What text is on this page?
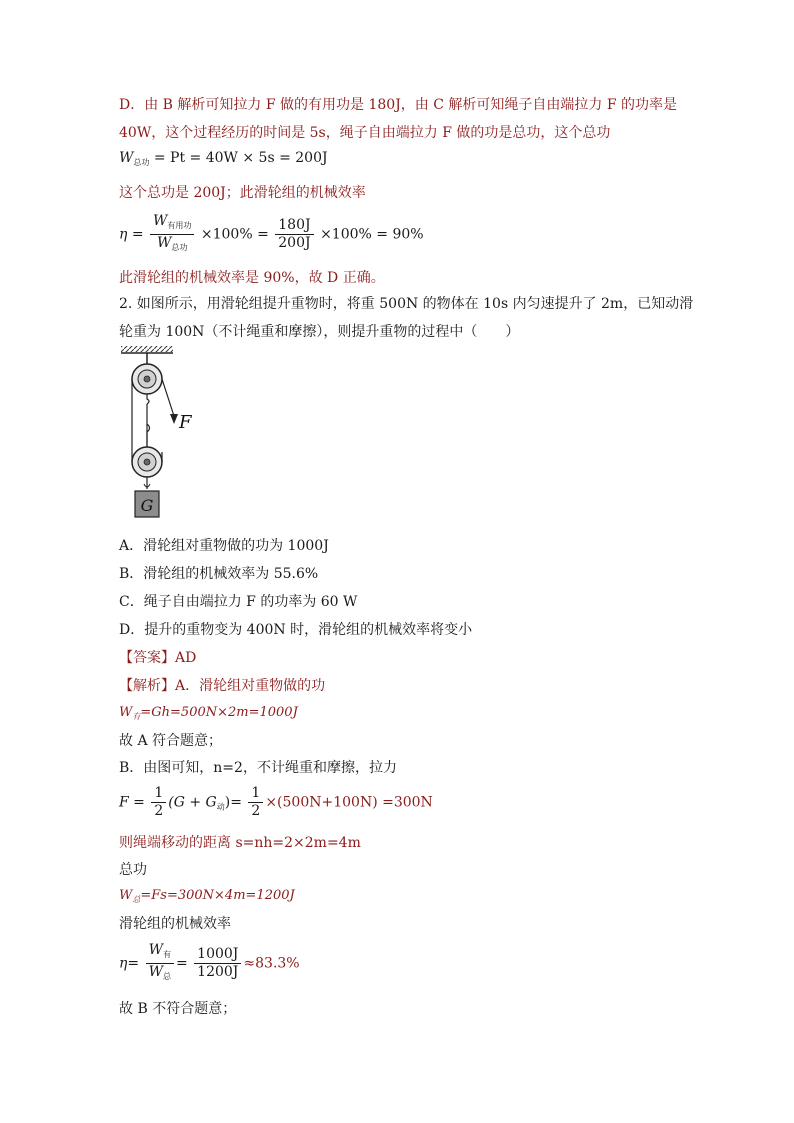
D．由 B 解析可知拉力 F 做的有用功是 180J，由 C 解析可知绳子自由端拉力 F 的功率是
40W，这个过程经历的时间是 5s，绳子自由端拉力 F 做的功是总功，这个总功
$W_{总功} = Pt = 40W \times 5s = 200J$
这个总功是 200J；此滑轮组的机械效率
$\eta = \frac{W_{有用功}}{W_{总功}} \times 100\% = \frac{180J}{200J} \times 100\% = 90\%$
此滑轮组的机械效率是 90%，故 D 正确。
2. 如图所示，用滑轮组提升重物时，将重 500N 的物体在 10s 内匀速提升了 2m，已知动滑
轮重为 100N（不计绳重和摩擦），则提升重物的过程中（　　）
G
F
A．滑轮组对重物做的功为 1000J
B．滑轮组的机械效率为 55.6%
C．绳子自由端拉力 F 的功率为 60 W
D．提升的重物变为 400N 时，滑轮组的机械效率将变小
【答案】AD
【解析】A．滑轮组对重物做的功
$W_有=Gh=500N\times 2m=1000J$
故 A 符合题意；
B．由图可知，n=2，不计绳重和摩擦，拉力
$F = \frac{1}{2} (G + G_动)= \frac{1}{2} \times(500N+100N) =300N$
则绳端移动的距离 s=nh=2×2m=4m
总功
$W_总=Fs=300N\times 4m=1200J$
滑轮组的机械效率
$\eta= \frac{W_有}{W_总} = \frac{1000J}{1200J} \approx 83.3\%$
故 B 不符合题意；
